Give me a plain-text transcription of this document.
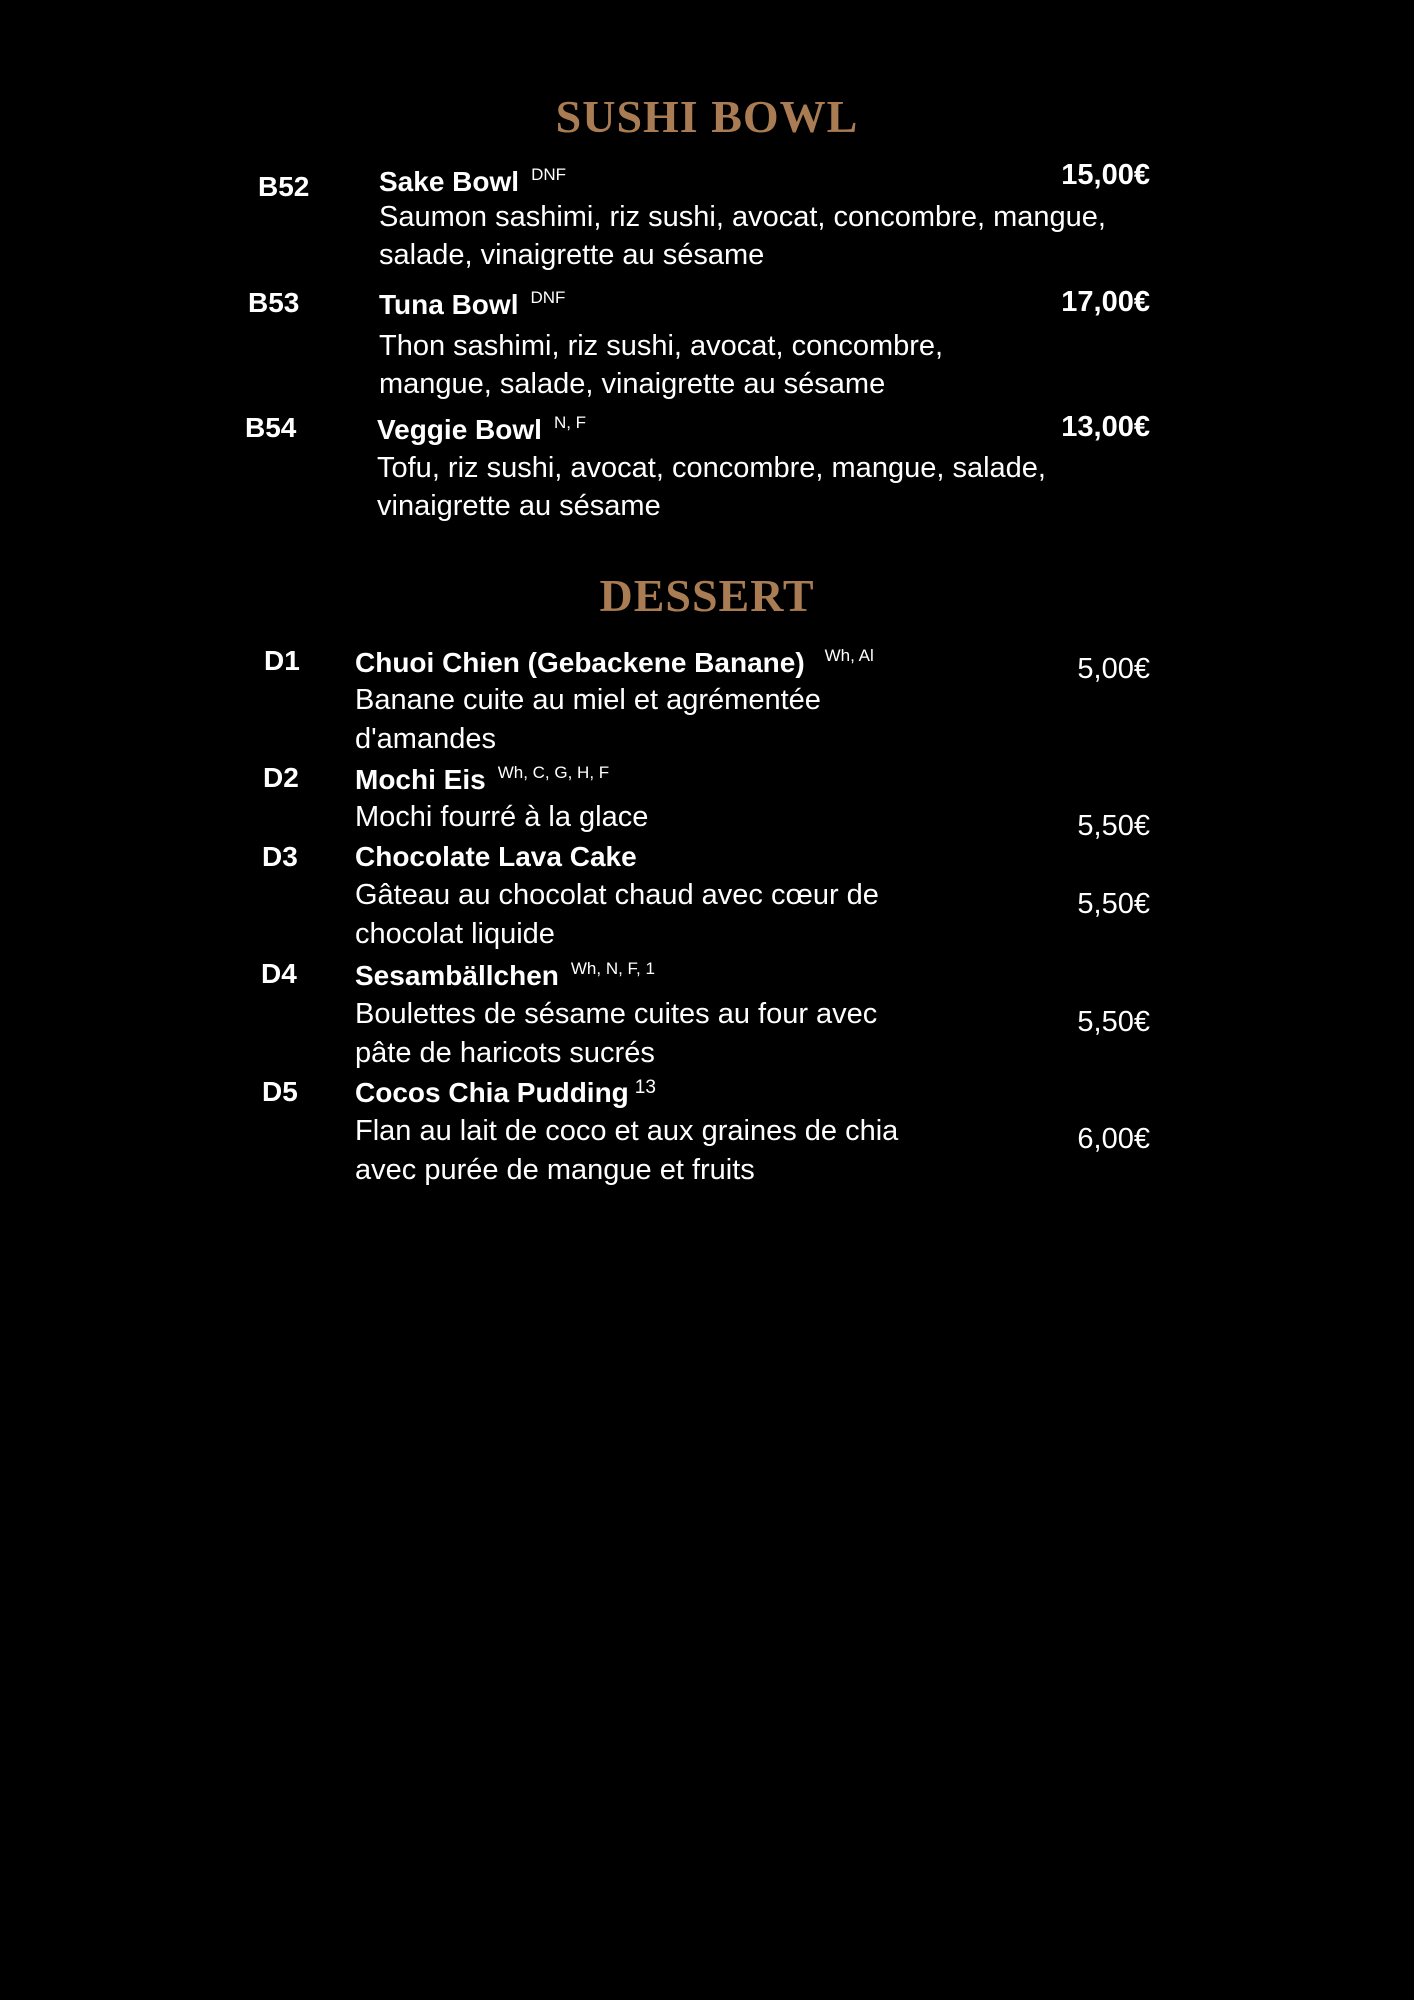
SUSHI BOWL
B52 Sake Bowl $^{DNF}$	15,00€
Saumon sashimi, riz sushi, avocat, concombre, mangue,
salade, vinaigrette au sésame
B53	Tuna Bowl $^{DNF}$	17,00€
Thon sashimi, riz sushi, avocat, concombre,
mangue, salade, vinaigrette au sésame
B54	Veggie Bowl $^{N, F}$	13,00€
Tofu, riz sushi, avocat, concombre, mangue, salade,
vinaigrette au sésame
DESSERT
D1 Chuoi Chien (Gebackene Banane) $^{Wh, Al}$	5,00€
Banane cuite au miel et agrémentée
d'amandes
D2 Mochi Eis $^{Wh, C, G, H, F}$
5,50€
Mochi fourré à la glace
D3 Chocolate Lava Cake
5,50€
Gâteau au chocolat chaud avec cœur de
chocolat liquide
D4 Sesambällchen $^{Wh, N, F, 1}$
5,50€
Boulettes de sésame cuites au four avec
pâte de haricots sucrés
D5 Cocos Chia Pudding $^{13}$
6,00€
Flan au lait de coco et aux graines de chia
avec purée de mangue et fruits
